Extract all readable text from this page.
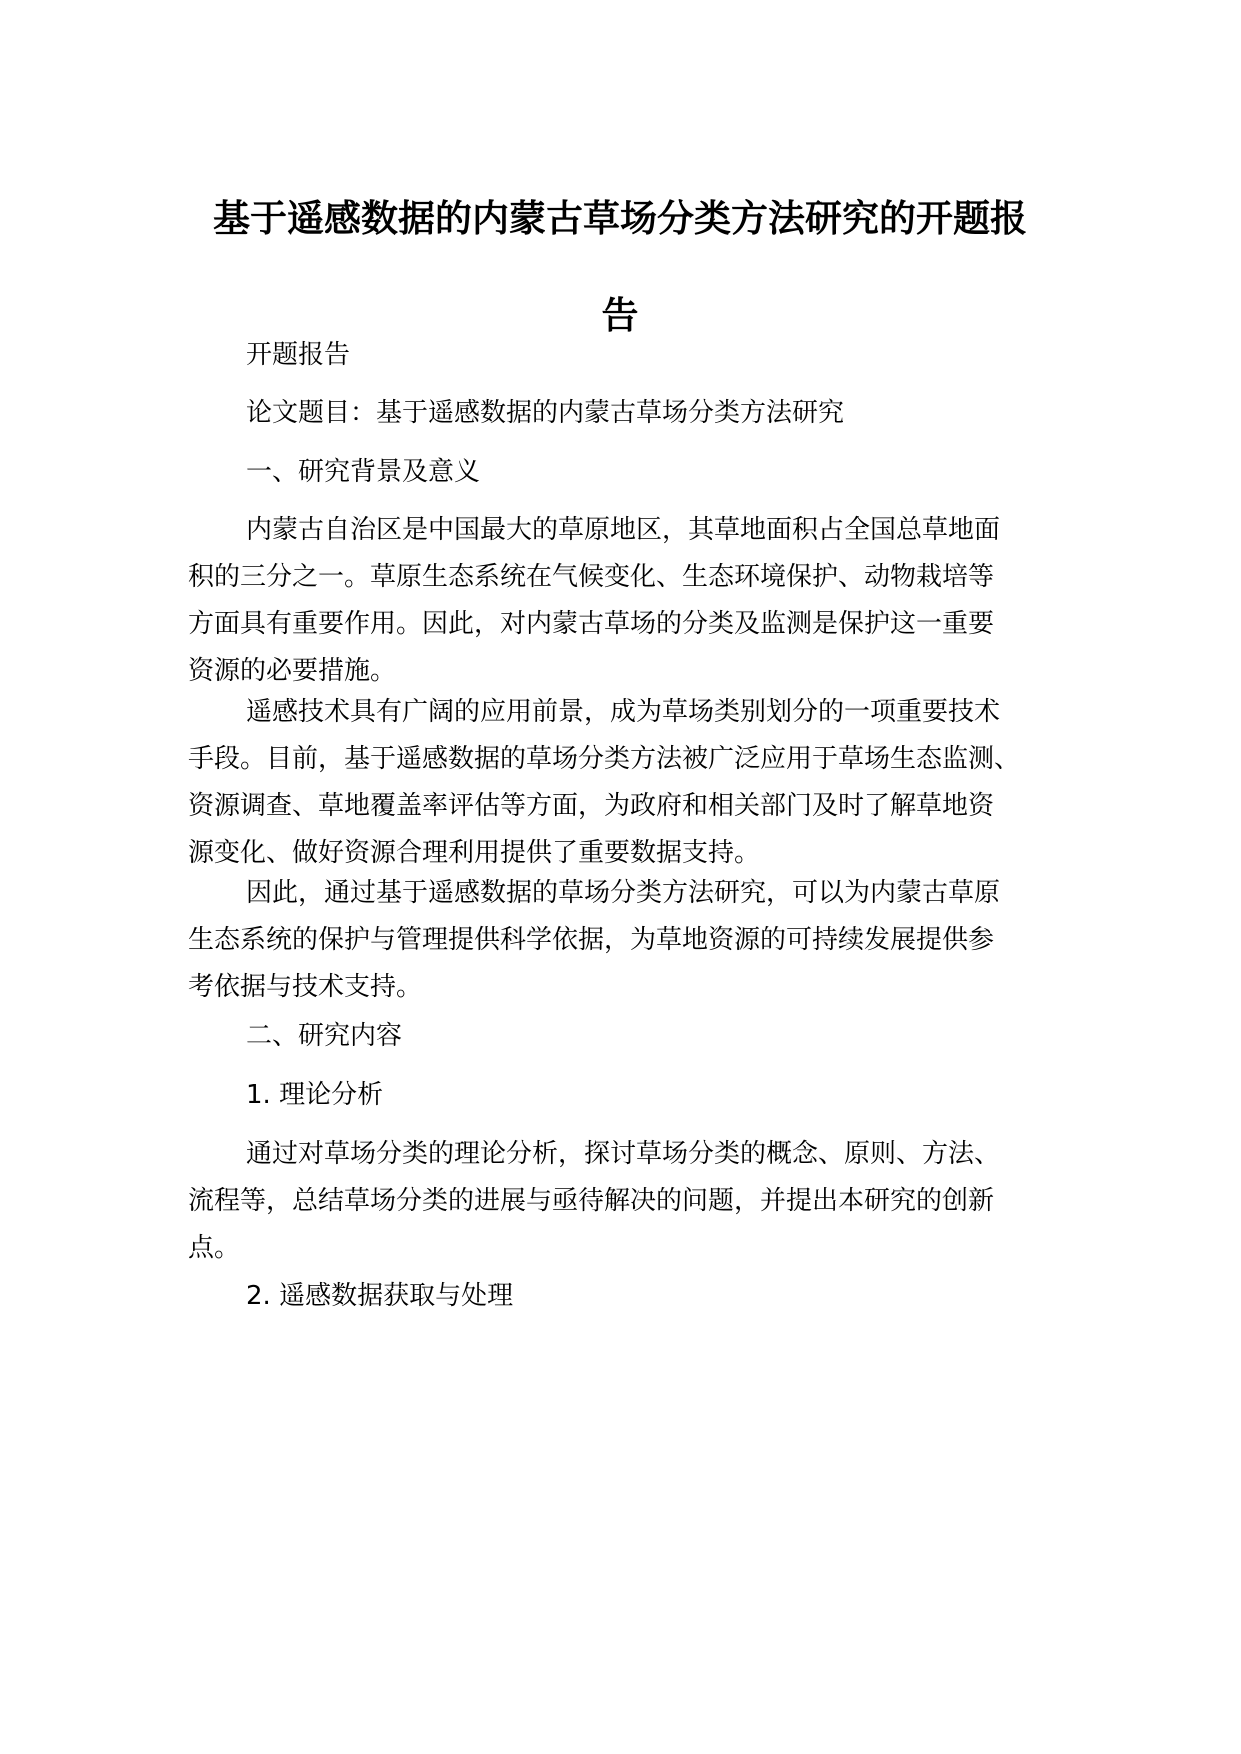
基于遥感数据的内蒙古草场分类方法研究的开题报
告

开题报告

论文题目：基于遥感数据的内蒙古草场分类方法研究

一、研究背景及意义

内蒙古自治区是中国最大的草原地区，其草地面积占全国总草地面
积的三分之一。草原生态系统在气候变化、生态环境保护、动物栽培等
方面具有重要作用。因此，对内蒙古草场的分类及监测是保护这一重要
资源的必要措施。

遥感技术具有广阔的应用前景，成为草场类别划分的一项重要技术
手段。目前，基于遥感数据的草场分类方法被广泛应用于草场生态监测、
资源调查、草地覆盖率评估等方面，为政府和相关部门及时了解草地资
源变化、做好资源合理利用提供了重要数据支持。

因此，通过基于遥感数据的草场分类方法研究，可以为内蒙古草原
生态系统的保护与管理提供科学依据，为草地资源的可持续发展提供参
考依据与技术支持。

二、研究内容

1. 理论分析

通过对草场分类的理论分析，探讨草场分类的概念、原则、方法、
流程等，总结草场分类的进展与亟待解决的问题，并提出本研究的创新
点。

2. 遥感数据获取与处理
